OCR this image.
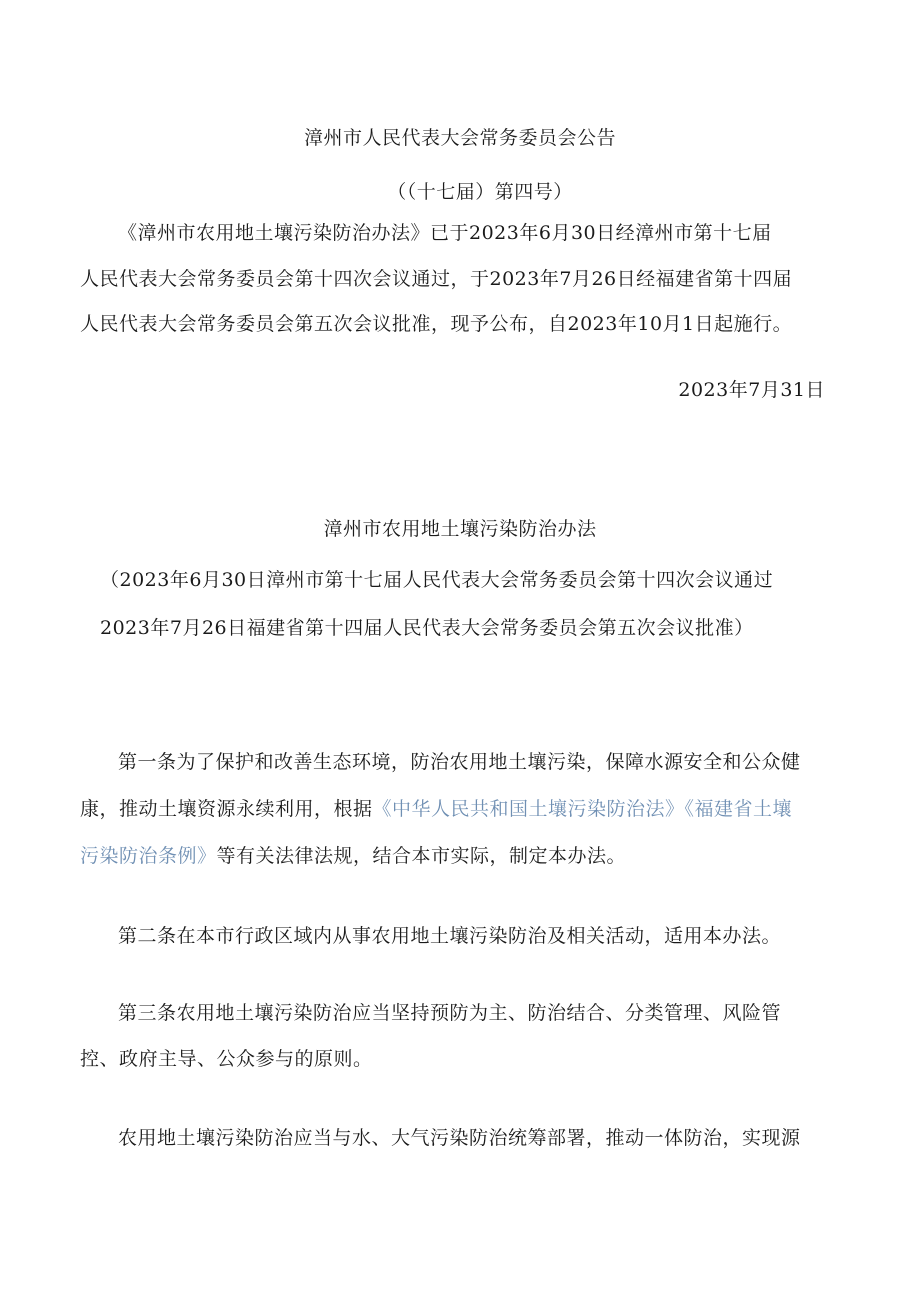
漳州市人民代表大会常务委员会公告
（（十七届）第四号）
《漳州市农用地土壤污染防治办法》已于2023年6月30日经漳州市第十七届
人民代表大会常务委员会第十四次会议通过，于2023年7月26日经福建省第十四届
人民代表大会常务委员会第五次会议批准，现予公布，自2023年10月1日起施行。
2023年7月31日
漳州市农用地土壤污染防治办法
（2023年6月30日漳州市第十七届人民代表大会常务委员会第十四次会议通过
2023年7月26日福建省第十四届人民代表大会常务委员会第五次会议批准）
第一条为了保护和改善生态环境，防治农用地土壤污染，保障水源安全和公众健
康，推动土壤资源永续利用，根据《中华人民共和国土壤污染防治法》《福建省土壤
污染防治条例》等有关法律法规，结合本市实际，制定本办法。
第二条在本市行政区域内从事农用地土壤污染防治及相关活动，适用本办法。
第三条农用地土壤污染防治应当坚持预防为主、防治结合、分类管理、风险管
控、政府主导、公众参与的原则。
农用地土壤污染防治应当与水、大气污染防治统筹部署，推动一体防治，实现源
